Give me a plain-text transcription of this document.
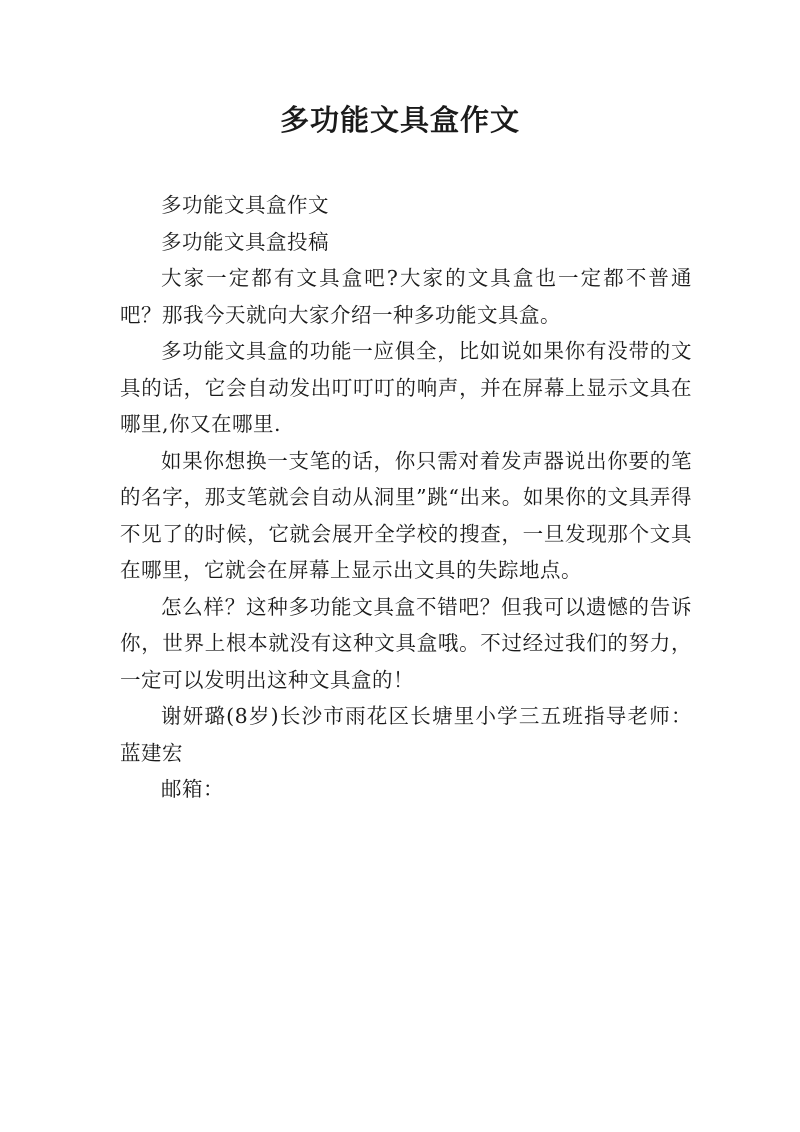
多功能文具盒作文

多功能文具盒作文

多功能文具盒投稿

大家一定都有文具盒吧?大家的文具盒也一定都不普通吧？那我今天就向大家介绍一种多功能文具盒。

多功能文具盒的功能一应俱全，比如说如果你有没带的文具的话，它会自动发出叮叮叮的响声，并在屏幕上显示文具在哪里,你又在哪里.

如果你想换一支笔的话，你只需对着发声器说出你要的笔的名字，那支笔就会自动从洞里”跳“出来。如果你的文具弄得不见了的时候，它就会展开全学校的搜查，一旦发现那个文具在哪里，它就会在屏幕上显示出文具的失踪地点。

怎么样？这种多功能文具盒不错吧？但我可以遗憾的告诉你，世界上根本就没有这种文具盒哦。不过经过我们的努力，一定可以发明出这种文具盒的！

谢妍璐(8岁)长沙市雨花区长塘里小学三五班指导老师：蓝建宏

邮箱：
